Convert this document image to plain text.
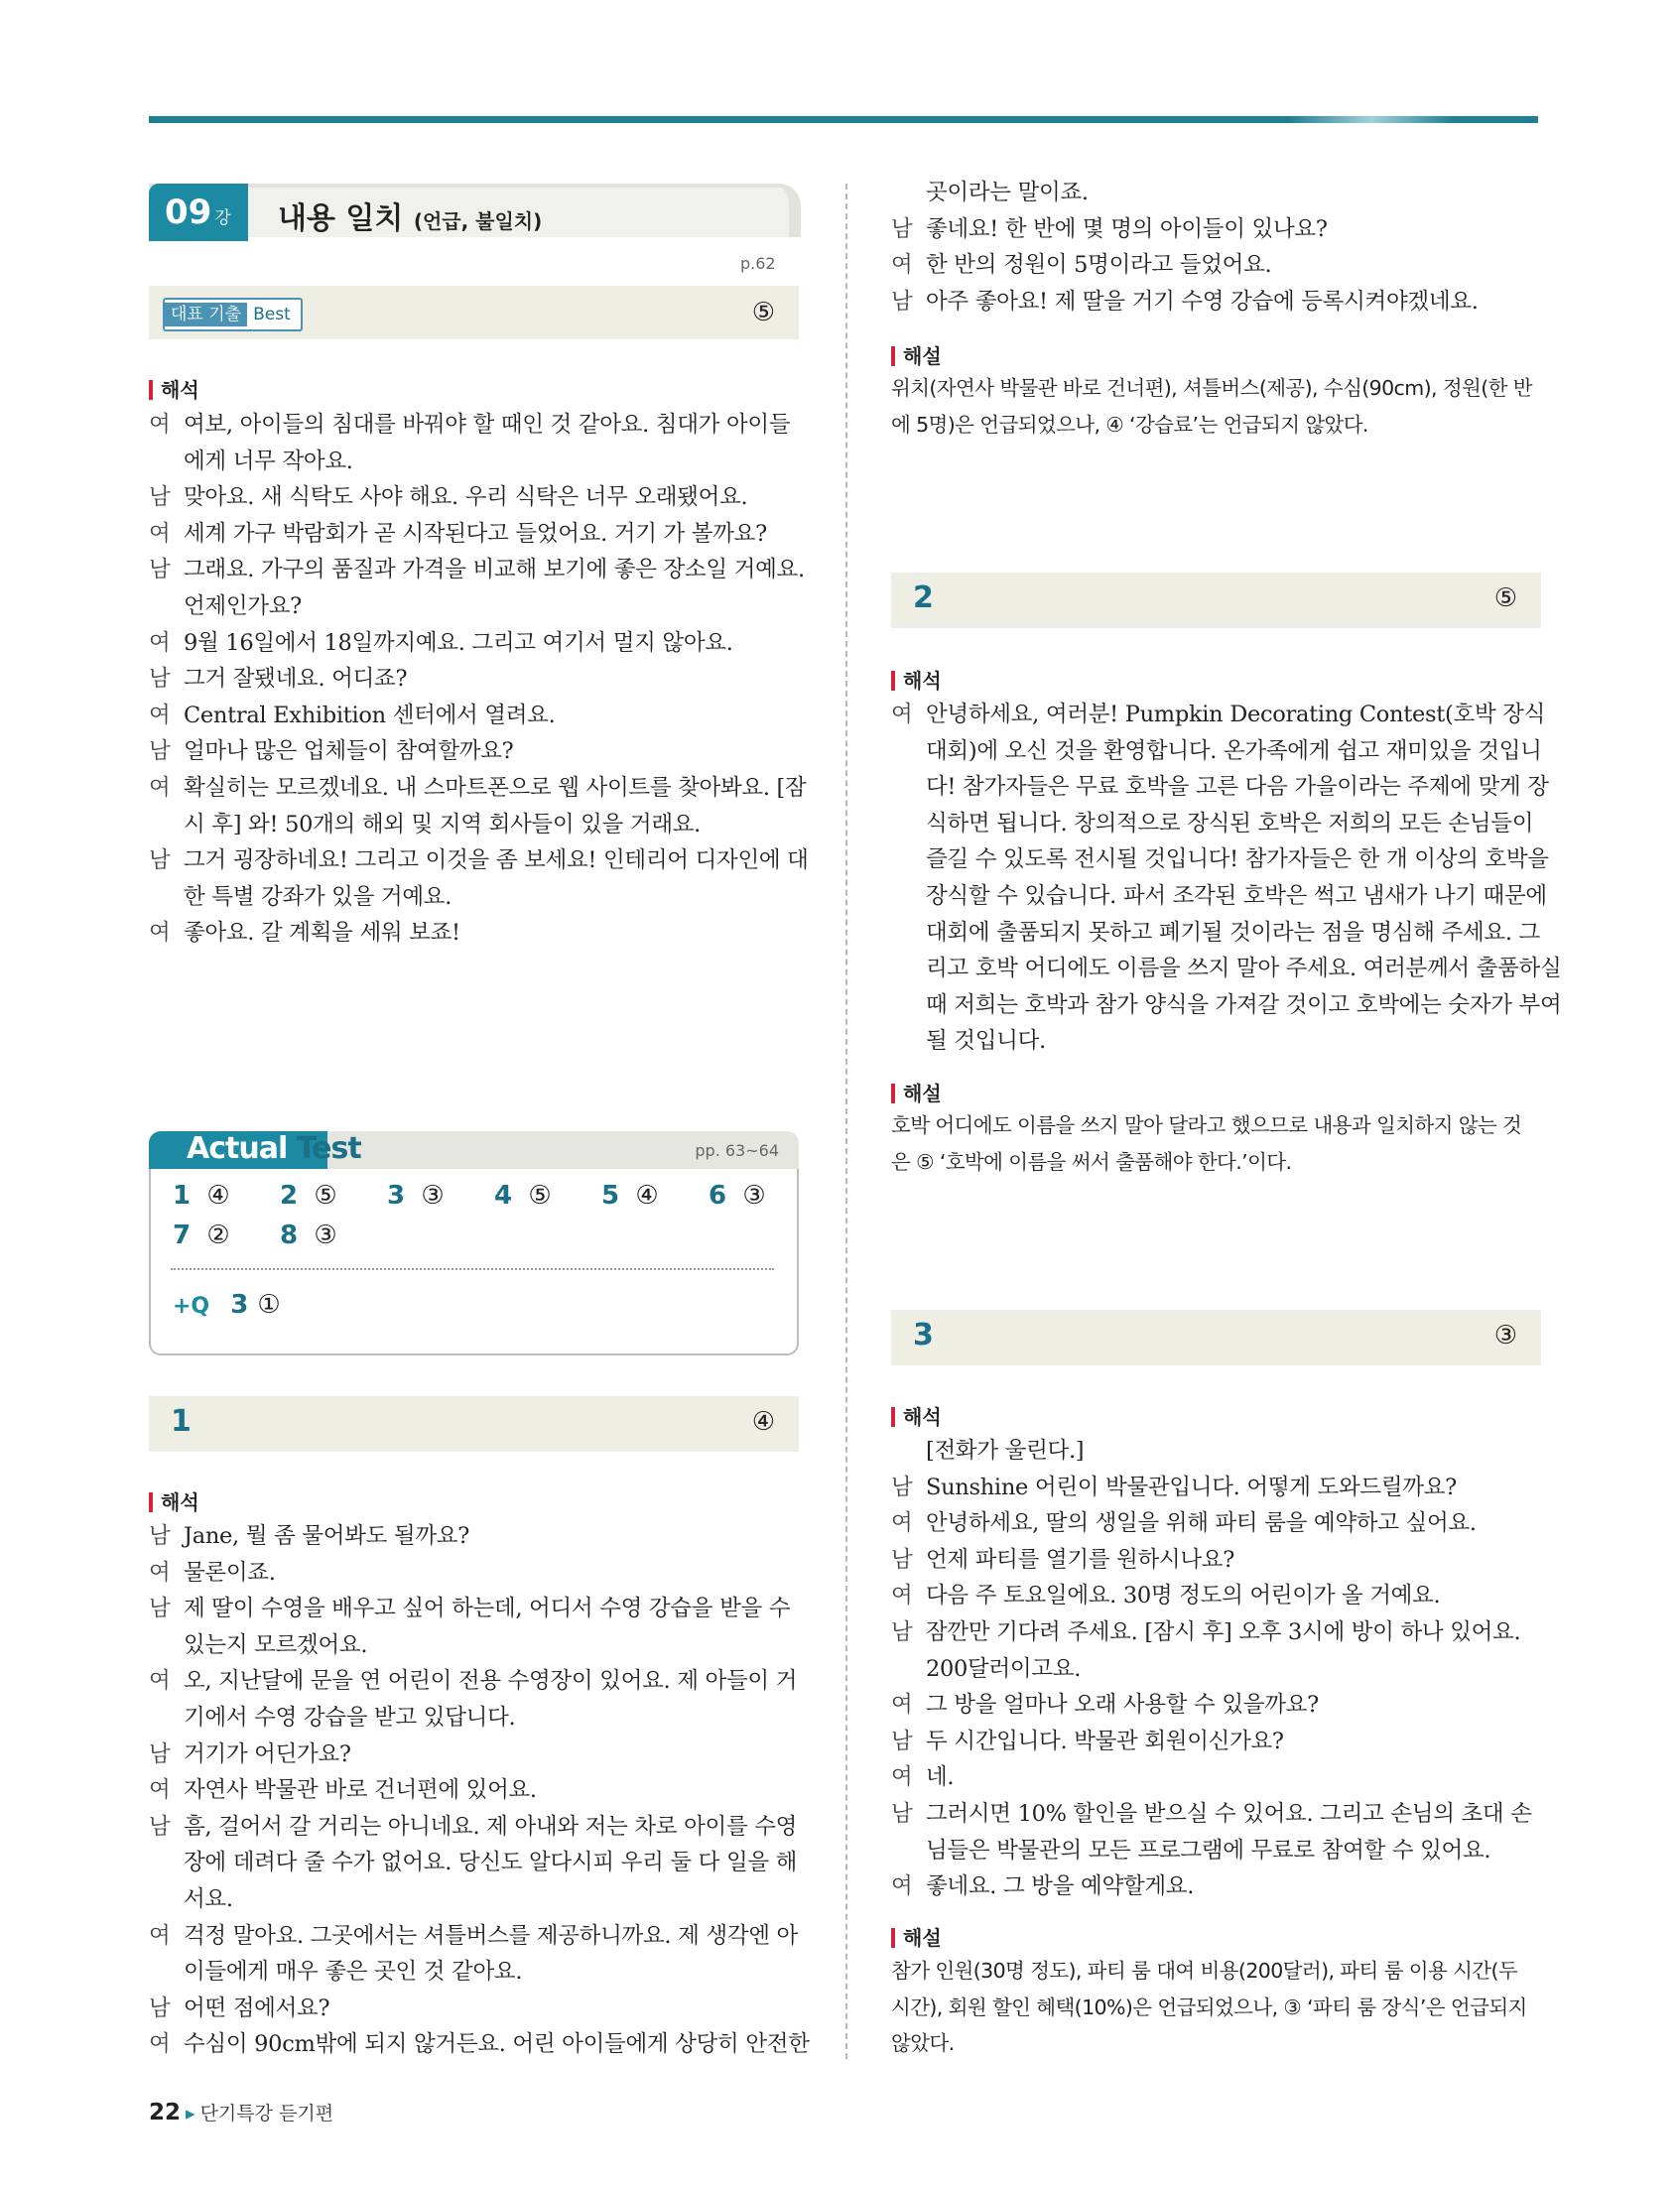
09 강	내용 일치 (언급, 불일치)
p.62
대표 기출 Best	⑤
해석
여 여보, 아이들의 침대를 바꿔야 할 때인 것 같아요. 침대가 아이들
에게 너무 작아요.
남 맞아요. 새 식탁도 사야 해요. 우리 식탁은 너무 오래됐어요.
여 세계 가구 박람회가 곧 시작된다고 들었어요. 거기 가 볼까요?
남 그래요. 가구의 품질과 가격을 비교해 보기에 좋은 장소일 거예요.
언제인가요?
여 9월 16일에서 18일까지예요. 그리고 여기서 멀지 않아요.
남 그거 잘됐네요. 어디죠?
여 Central Exhibition 센터에서 열려요.
남 얼마나 많은 업체들이 참여할까요?
여 확실히는 모르겠네요. 내 스마트폰으로 웹 사이트를 찾아봐요. [잠
시 후] 와! 50개의 해외 및 지역 회사들이 있을 거래요.
남 그거 굉장하네요! 그리고 이것을 좀 보세요! 인테리어 디자인에 대
한 특별 강좌가 있을 거예요.
여 좋아요. 갈 계획을 세워 보죠!
Actual Test	pp. 63~64
1 ④ 2 ⑤ 3 ③ 4 ⑤ 5 ④ 6 ③
7 ② 8 ③
+Q 3 ①
1	④
해석
남 Jane, 뭘 좀 물어봐도 될까요?
여 물론이죠.
남 제 딸이 수영을 배우고 싶어 하는데, 어디서 수영 강습을 받을 수
있는지 모르겠어요.
여 오, 지난달에 문을 연 어린이 전용 수영장이 있어요. 제 아들이 거
기에서 수영 강습을 받고 있답니다.
남 거기가 어딘가요?
여 자연사 박물관 바로 건너편에 있어요.
남 흠, 걸어서 갈 거리는 아니네요. 제 아내와 저는 차로 아이를 수영
장에 데려다 줄 수가 없어요. 당신도 알다시피 우리 둘 다 일을 해
서요.
여 걱정 말아요. 그곳에서는 셔틀버스를 제공하니까요. 제 생각엔 아
이들에게 매우 좋은 곳인 것 같아요.
남 어떤 점에서요?
여 수심이 90cm밖에 되지 않거든요. 어린 아이들에게 상당히 안전한
곳이라는 말이죠.
남 좋네요! 한 반에 몇 명의 아이들이 있나요?
여 한 반의 정원이 5명이라고 들었어요.
남 아주 좋아요! 제 딸을 거기 수영 강습에 등록시켜야겠네요.
해설
위치(자연사 박물관 바로 건너편), 셔틀버스(제공), 수심(90cm), 정원(한 반
에 5명)은 언급되었으나, ④ ‘강습료’는 언급되지 않았다.
2	⑤
해석
여 안녕하세요, 여러분! Pumpkin Decorating Contest(호박 장식
대회)에 오신 것을 환영합니다. 온가족에게 쉽고 재미있을 것입니
다! 참가자들은 무료 호박을 고른 다음 가을이라는 주제에 맞게 장
식하면 됩니다. 창의적으로 장식된 호박은 저희의 모든 손님들이
즐길 수 있도록 전시될 것입니다! 참가자들은 한 개 이상의 호박을
장식할 수 있습니다. 파서 조각된 호박은 썩고 냄새가 나기 때문에
대회에 출품되지 못하고 폐기될 것이라는 점을 명심해 주세요. 그
리고 호박 어디에도 이름을 쓰지 말아 주세요. 여러분께서 출품하실
때 저희는 호박과 참가 양식을 가져갈 것이고 호박에는 숫자가 부여
될 것입니다.
해설
호박 어디에도 이름을 쓰지 말아 달라고 했으므로 내용과 일치하지 않는 것
은 ⑤ ‘호박에 이름을 써서 출품해야 한다.’이다.
3	③
해석
[전화가 울린다.]
남 Sunshine 어린이 박물관입니다. 어떻게 도와드릴까요?
여 안녕하세요, 딸의 생일을 위해 파티 룸을 예약하고 싶어요.
남 언제 파티를 열기를 원하시나요?
여 다음 주 토요일에요. 30명 정도의 어린이가 올 거예요.
남 잠깐만 기다려 주세요. [잠시 후] 오후 3시에 방이 하나 있어요.
200달러이고요.
여 그 방을 얼마나 오래 사용할 수 있을까요?
남 두 시간입니다. 박물관 회원이신가요?
여 네.
남 그러시면 10% 할인을 받으실 수 있어요. 그리고 손님의 초대 손
님들은 박물관의 모든 프로그램에 무료로 참여할 수 있어요.
여 좋네요. 그 방을 예약할게요.
해설
참가 인원(30명 정도), 파티 룸 대여 비용(200달러), 파티 룸 이용 시간(두
시간), 회원 할인 혜택(10%)은 언급되었으나, ③ ‘파티 룸 장식’은 언급되지
않았다.
22 ▸ 단기특강 듣기편
